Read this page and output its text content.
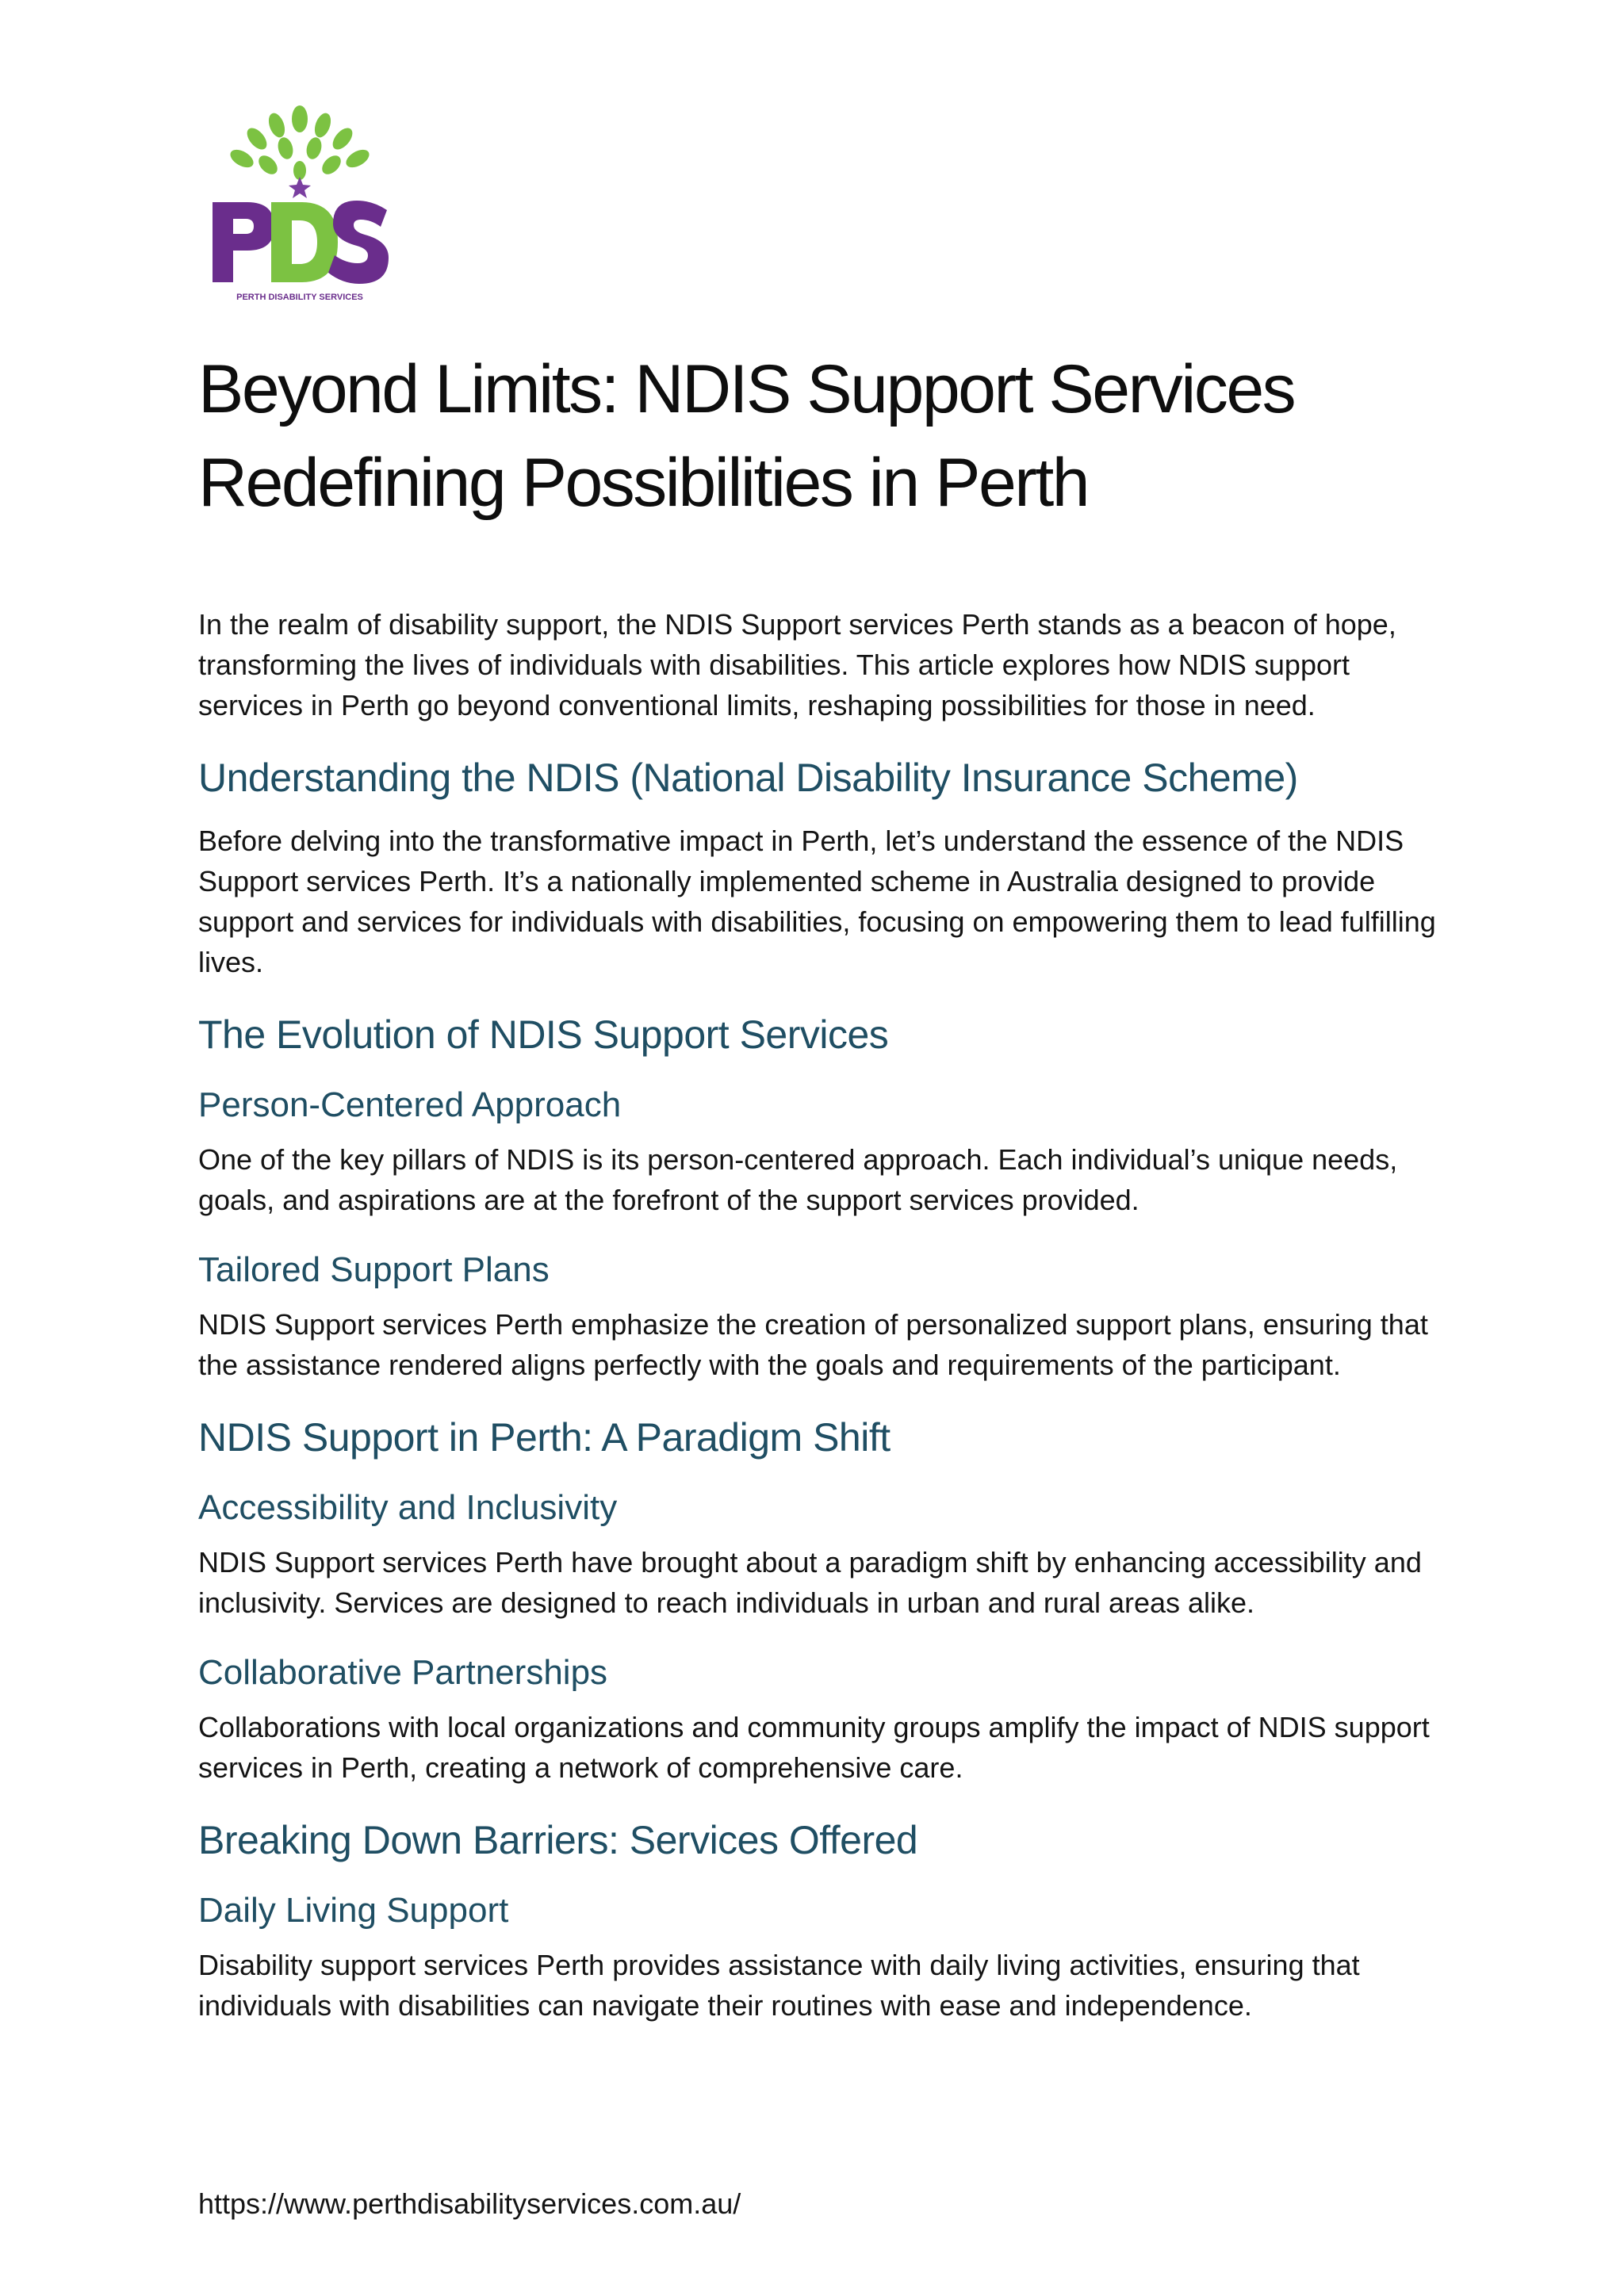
PERTH DISABILITY SERVICES
Beyond Limits: NDIS Support Services Redefining Possibilities in Perth

In the realm of disability support, the NDIS Support services Perth stands as a beacon of hope, transforming the lives of individuals with disabilities. This article explores how NDIS support services in Perth go beyond conventional limits, reshaping possibilities for those in need.

Understanding the NDIS (National Disability Insurance Scheme)

Before delving into the transformative impact in Perth, let’s understand the essence of the NDIS Support services Perth. It’s a nationally implemented scheme in Australia designed to provide support and services for individuals with disabilities, focusing on empowering them to lead fulfilling lives.

The Evolution of NDIS Support Services
Person-Centered Approach

One of the key pillars of NDIS is its person-centered approach. Each individual’s unique needs, goals, and aspirations are at the forefront of the support services provided.

Tailored Support Plans

NDIS Support services Perth emphasize the creation of personalized support plans, ensuring that the assistance rendered aligns perfectly with the goals and requirements of the participant.

NDIS Support in Perth: A Paradigm Shift
Accessibility and Inclusivity

NDIS Support services Perth have brought about a paradigm shift by enhancing accessibility and inclusivity. Services are designed to reach individuals in urban and rural areas alike.

Collaborative Partnerships

Collaborations with local organizations and community groups amplify the impact of NDIS support services in Perth, creating a network of comprehensive care.

Breaking Down Barriers: Services Offered
Daily Living Support

Disability support services Perth provides assistance with daily living activities, ensuring that individuals with disabilities can navigate their routines with ease and independence.

https://www.perthdisabilityservices.com.au/
